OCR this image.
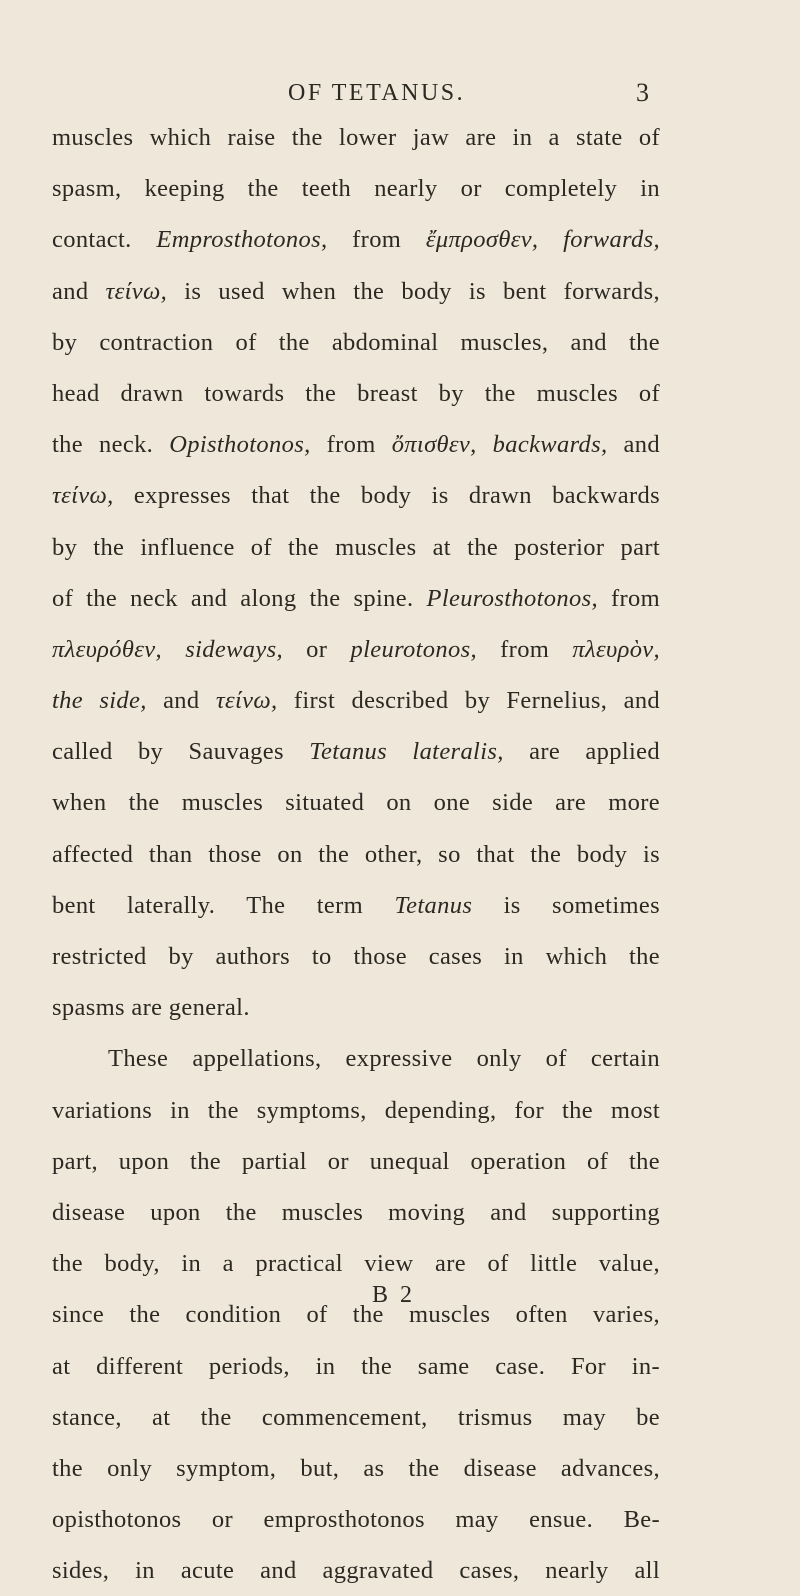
OF TETANUS.	3
muscles which raise the lower jaw are in a state of
spasm, keeping the teeth nearly or completely in
contact. Emprosthotonos, from ἔμπροσθεν, forwards,
and τείνω, is used when the body is bent forwards,
by contraction of the abdominal muscles, and the
head drawn towards the breast by the muscles of
the neck. Opisthotonos, from ὄπισθεν, backwards, and
τείνω, expresses that the body is drawn backwards
by the influence of the muscles at the posterior part
of the neck and along the spine. Pleurosthotonos, from
πλευρόθεν, sideways, or pleurotonos, from πλευρὸν,
the side, and τείνω, first described by Fernelius, and
called by Sauvages Tetanus lateralis, are applied
when the muscles situated on one side are more
affected than those on the other, so that the body is
bent laterally. The term Tetanus is sometimes
restricted by authors to those cases in which the
spasms are general.
These appellations, expressive only of certain
variations in the symptoms, depending, for the most
part, upon the partial or unequal operation of the
disease upon the muscles moving and supporting
the body, in a practical view are of little value,
since the condition of the muscles often varies,
at different periods, in the same case. For in-
stance, at the commencement, trismus may be
the only symptom, but, as the disease advances,
opisthotonos or emprosthotonos may ensue. Be-
sides, in acute and aggravated cases, nearly all
B 2
